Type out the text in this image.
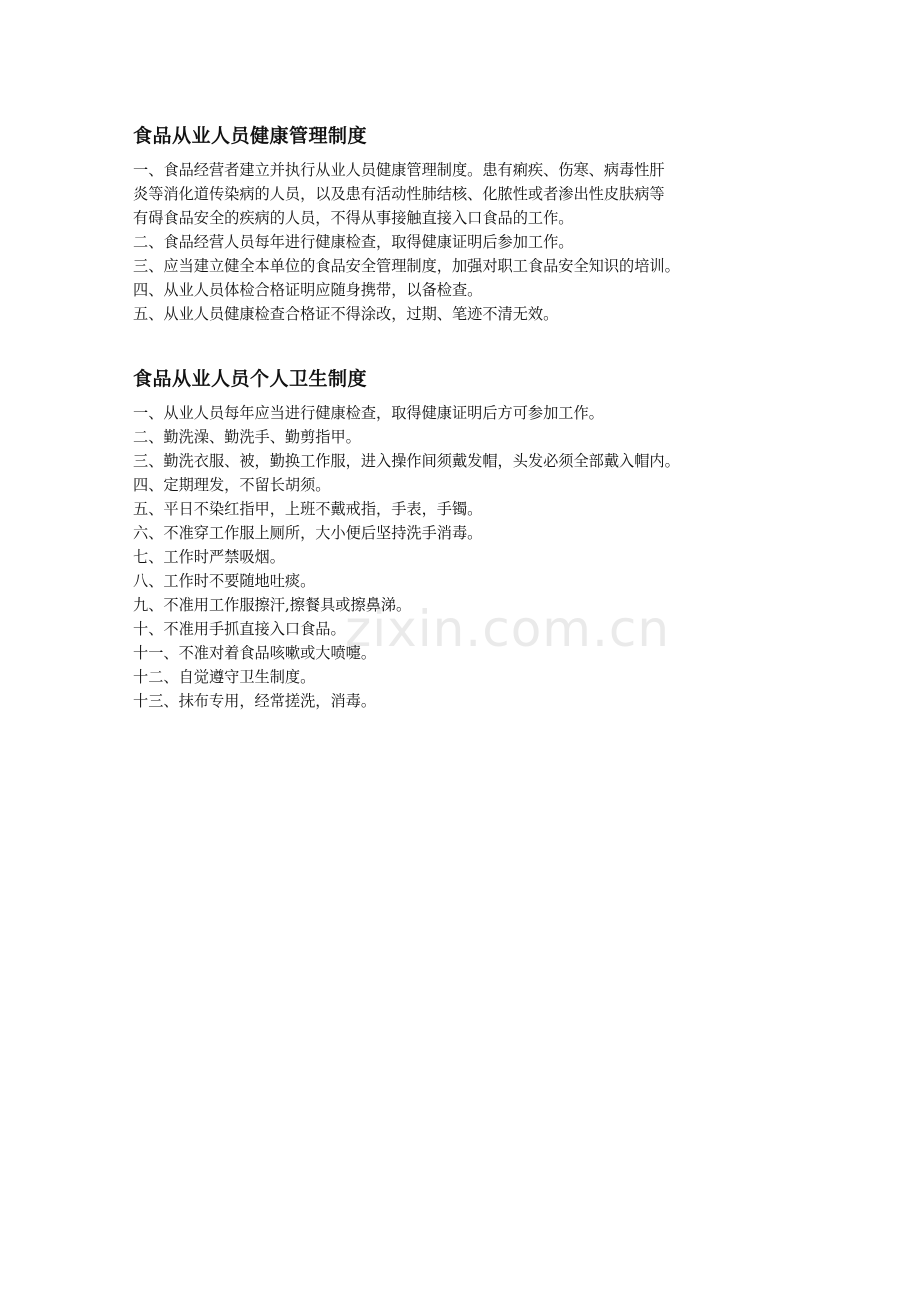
食品从业人员健康管理制度

一、食品经营者建立并执行从业人员健康管理制度。患有痢疾、伤寒、病毒性肝

炎等消化道传染病的人员，以及患有活动性肺结核、化脓性或者渗出性皮肤病等

有碍食品安全的疾病的人员，不得从事接触直接入口食品的工作。

二、食品经营人员每年进行健康检查，取得健康证明后参加工作。

三、应当建立健全本单位的食品安全管理制度，加强对职工食品安全知识的培训。

四、从业人员体检合格证明应随身携带，以备检查。

五、从业人员健康检查合格证不得涂改，过期、笔迹不清无效。

食品从业人员个人卫生制度

一、从业人员每年应当进行健康检查，取得健康证明后方可参加工作。

二、勤洗澡、勤洗手、勤剪指甲。

三、勤洗衣服、被，勤换工作服，进入操作间须戴发帽，头发必须全部戴入帽内。

四、定期理发，不留长胡须。

五、平日不染红指甲，上班不戴戒指，手表，手镯。

六、不准穿工作服上厕所，大小便后坚持洗手消毒。

七、工作时严禁吸烟。

八、工作时不要随地吐痰。

九、不准用工作服擦汗,擦餐具或擦鼻涕。

十、不准用手抓直接入口食品。

十一、不准对着食品咳嗽或大喷嚏。

十二、自觉遵守卫生制度。

十三、抹布专用，经常搓洗，消毒。

zixin.com.cn
